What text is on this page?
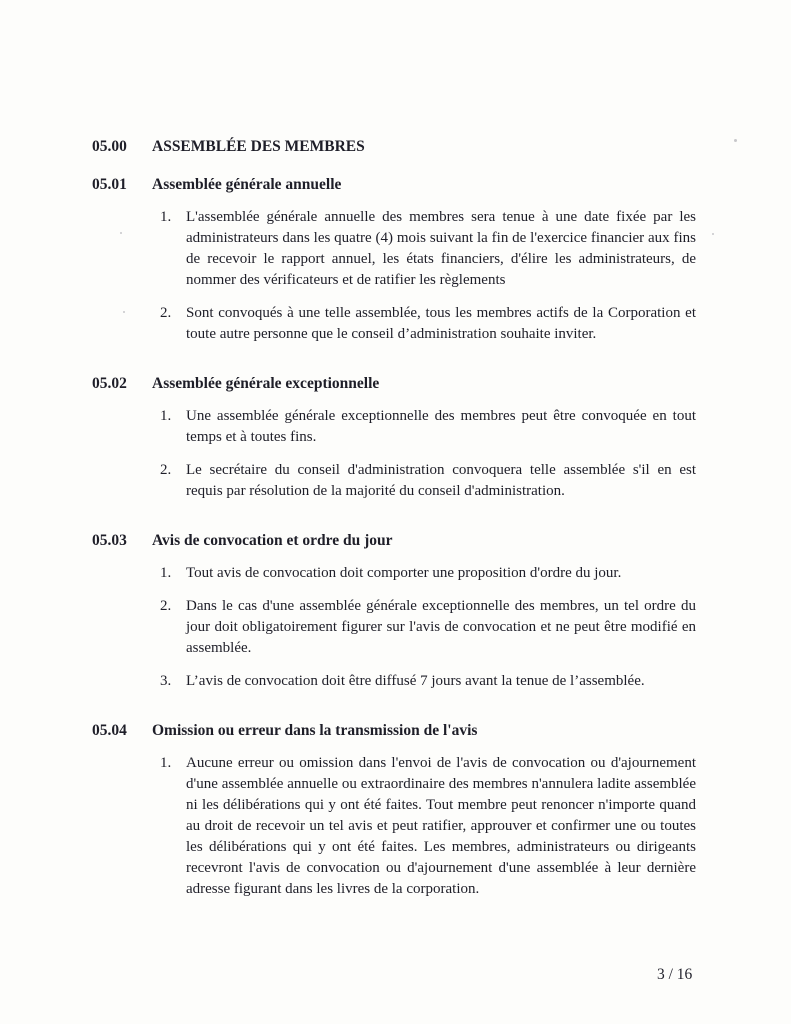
05.00	ASSEMBLÉE DES MEMBRES
05.01	Assemblée générale annuelle
1. L'assemblée générale annuelle des membres sera tenue à une date fixée par les administrateurs dans les quatre (4) mois suivant la fin de l'exercice financier aux fins de recevoir le rapport annuel, les états financiers, d'élire les administrateurs, de nommer des vérificateurs et de ratifier les règlements

2. Sont convoqués à une telle assemblée, tous les membres actifs de la Corporation et toute autre personne que le conseil d’administration souhaite inviter.

05.02	Assemblée générale exceptionnelle
1. Une assemblée générale exceptionnelle des membres peut être convoquée en tout temps et à toutes fins.

2. Le secrétaire du conseil d'administration convoquera telle assemblée s'il en est requis par résolution de la majorité du conseil d'administration.

05.03	Avis de convocation et ordre du jour
1. Tout avis de convocation doit comporter une proposition d'ordre du jour.

2. Dans le cas d'une assemblée générale exceptionnelle des membres, un tel ordre du jour doit obligatoirement figurer sur l'avis de convocation et ne peut être modifié en assemblée.

3. L’avis de convocation doit être diffusé 7 jours avant la tenue de l’assemblée.

05.04	Omission ou erreur dans la transmission de l'avis
1. Aucune erreur ou omission dans l'envoi de l'avis de convocation ou d'ajournement d'une assemblée annuelle ou extraordinaire des membres n'annulera ladite assemblée ni les délibérations qui y ont été faites. Tout membre peut renoncer n'importe quand au droit de recevoir un tel avis et peut ratifier, approuver et confirmer une ou toutes les délibérations qui y ont été faites. Les membres, administrateurs ou dirigeants recevront l'avis de convocation ou d'ajournement d'une assemblée à leur dernière adresse figurant dans les livres de la corporation.

3 / 16
